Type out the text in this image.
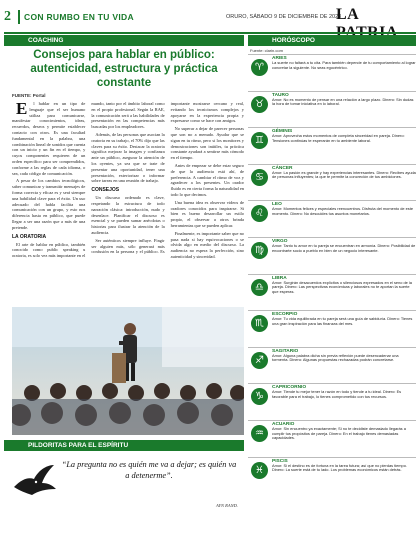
2 CON RUMBO EN TU VIDA	ORURO, SÁBADO 9 DE DICIEMBRE DE 2023
LA
COACHING
Consejos para hablar en público: autenticidad, estructura y práctica constante
FUENTE: Portal

E l hablar en un tipo de lenguaje que el ser humano utiliza para comunicarse, manifestar conocimientos, ideas, recuerdos, deseos y permite establecer contacto con otros. Es una facultad fundamental en la palabra, una combinación lineal de sonidos que cuenta con un inicio y un fin en el tiempo, y cuyos componentes requieren de un orden específico para ser comprendidos, conforme a las reglas de cada idioma, o sea, cada código de comunicación.

A pesar de los cambios tecnológicos, saber comunicar y transmitir mensajes de forma correcta y eficaz es y será siempre una habilidad clave para el éxito. Un uso adecuado del habla facilita una comunicación con un grupo, y esto nos diferencia hasta en público, que puede llegar a ser una razón que a más de una pretende.

LA ORATORIA

El arte de hablar en público, también conocido como public speaking u oratoria, es solo vez más importante en el mundo, tanto por el ámbito laboral como en el propio profesional. Según la RAE, la comunicación será a las habilidades de presentación en las competencias más buscadas por los empleadores.

Además, de las personas que asocian la oratoria en su trabajo, el 70% dijo que las claves para su éxito. Destacar la oratoria significa mejorar la imagen y confianza ante un público, asegurar la atención de los oyentes, ya sea que se trate de presentar una oportunidad, tener una presentación, exteriorizar o informar sobre tareas en una reunión de trabajo.

CONSEJOS

Un discurso ordenado es clave, respetando la estructura de todo narración clásica: introducción, nudo y desenlace. Planificar el discurso es esencial y se pueden sumar anécdotas o historias para ilustrar la atención de la audiencia.

Ser auténticos siempre influye. Fingir ser alguien más, sólo generará más confusión en la persona y el público. Es importante mostrarse cercano y real, evitando los tecnicismos complejos y apoyarse en la experiencia propia y expresarse como se hace con amigos.

No superar a dejar de parecer personas que son no a menudo. Ayudar que se sigan en tu ritmo, pero si los monitores y demostraciones son inútiles, tu práctica constante ayudará a sentirse más cómodo en el tiempo.

Antes de empezar se debe estar seguro de que la audiencia está ahí, de preferencia. A cambiar el ritmo de voz y agradecer a los presentes. Un orador fluido es en cierta forma la naturalidad en todo lo que decimos.

Una buena idea es observar videos de oradores conocidos para inspirarse. Si bien es bueno desarrollar un estilo propio, el observar a otros brinda herramientas que se pueden aplicar.

Finalmente, es importante saber que no pasa nada si hay equivocaciones o se olvida algo en medio del discurso. La audiencia no espera la perfección, sino autenticidad y sinceridad.

PILDORITAS PARA EL ESPÍRITU

“La pregunta no es quién me va a dejar; es quién va a detenerme”.

AYN RAND.
HORÓSCOPO
Fuente: clarin.com
♈
ARIES
La suerte no faltará a tu cita. Para también depende de tu comportamiento al lograr concretar la siguiente. No seas egocéntrico.
♉
TAURO
Amor: No es momento de pensar en una relación a largo plazo. Dinero: Sin dudas la hora de tomar iniciativa en lo laboral.
♊
GÉMINIS
Amor: Aprovecha estos momentos de completa sinceridad en pareja. Dinero: Tensiones continúas te esperarán en tu ambiente laboral.
♋
CÁNCER
Amor: La pasión es grande y hay experiencias interesantes. Dinero: Recibes ayuda de personas influyentes; la que te permite la concreción de tus ambiciones.
♌
LEO
Amor: Momentos felices y especiales reencuentros. Disfruta del momento de este momento. Dinero: No descuides tus asuntos monetarios.
♍
VIRGO
Amor: Tanto tu amor en tu pareja se encuentran en armonía. Dinero: Posibilidad de encontrarte socio a pueblo en bien de un negocio interesante.
♎
LIBRA
Amor: Surgirán desacuerdos explícitos o silenciosos expresados en el seno de la pareja. Dinero: Las perspectivas económicas y laborales no te aportan la suerte que esperas.
♏
ESCORPIO
Amor: Tu vida equilibrada en tu pareja será una guía de sabiduría. Dinero: Tienes una gran inspiración para las finanzas del mes.
♐
SAGITARIO
Amor: Alguna palabra dicha sin previa reflexión puede desencadenar una tormenta. Dinero: Algunas propuestas rechazadas podrán concretarse.
♑
CAPRICORNIO
Amor: Tiende tu mejor tener la razón en todo y tiende a tu ideal. Dinero: Es favorable para el trabajo, lo tienes comprometido con tus recursos.
♒
ACUARIO
Amor: Sin encuentro ya exactamente; Si no te decidiste demasiado llegarás a cumplir tus propósitos de pareja. Dinero: En el trabajo tienes demasiadas capacidades.
♓
PISCIS
Amor: Si el destino es de fortuna en la tarea futura; así que no pierdas tiempo. Dinero: La suerte está de tu lado. Los problemas económicos están detrás.
